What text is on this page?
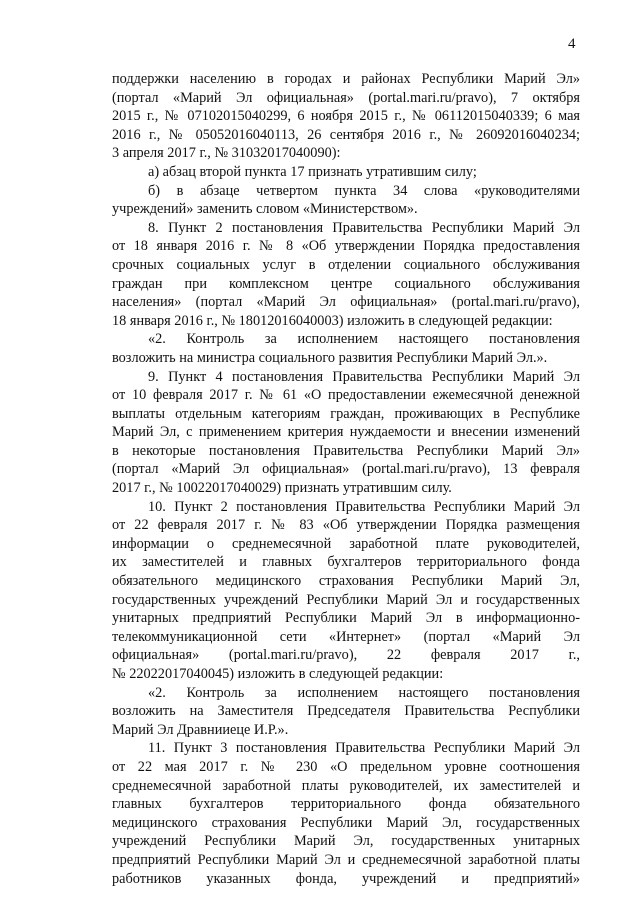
4
поддержки населению в городах и районах Республики Марий Эл»
(портал «Марий Эл официальная» (portal.mari.ru/pravo), 7 октября
2015 г., № 07102015040299, 6 ноября 2015 г., № 06112015040339; 6 мая
2016 г., № 05052016040113, 26 сентября 2016 г., № 26092016040234;
3 апреля 2017 г., № 31032017040090):
а) абзац второй пункта 17 признать утратившим силу;
б) в абзаце четвертом пункта 34 слова «руководителями
учреждений» заменить словом «Министерством».
8. Пункт 2 постановления Правительства Республики Марий Эл
от 18 января 2016 г. № 8 «Об утверждении Порядка предоставления
срочных социальных услуг в отделении социального обслуживания
граждан при комплексном центре социального обслуживания
населения» (портал «Марий Эл официальная» (portal.mari.ru/pravo),
18 января 2016 г., № 18012016040003) изложить в следующей редакции:
«2. Контроль за исполнением настоящего постановления
возложить на министра социального развития Республики Марий Эл.».
9. Пункт 4 постановления Правительства Республики Марий Эл
от 10 февраля 2017 г. № 61 «О предоставлении ежемесячной денежной
выплаты отдельным категориям граждан, проживающих в Республике
Марий Эл, с применением критерия нуждаемости и внесении изменений
в некоторые постановления Правительства Республики Марий Эл»
(портал «Марий Эл официальная» (portal.mari.ru/pravo), 13 февраля
2017 г., № 10022017040029) признать утратившим силу.
10. Пункт 2 постановления Правительства Республики Марий Эл
от 22 февраля 2017 г. № 83 «Об утверждении Порядка размещения
информации о среднемесячной заработной плате руководителей,
их заместителей и главных бухгалтеров территориального фонда
обязательного медицинского страхования Республики Марий Эл,
государственных учреждений Республики Марий Эл и государственных
унитарных предприятий Республики Марий Эл в информационно-
телекоммуникационной сети «Интернет» (портал «Марий Эл
официальная» (portal.mari.ru/pravo), 22 февраля 2017 г.,
№ 22022017040045) изложить в следующей редакции:
«2. Контроль за исполнением настоящего постановления
возложить на Заместителя Председателя Правительства Республики
Марий Эл Дравнииеце И.Р.».
11. Пункт 3 постановления Правительства Республики Марий Эл
от 22 мая 2017 г. № 230 «О предельном уровне соотношения
среднемесячной заработной платы руководителей, их заместителей и
главных бухгалтеров территориального фонда обязательного
медицинского страхования Республики Марий Эл, государственных
учреждений Республики Марий Эл, государственных унитарных
предприятий Республики Марий Эл и среднемесячной заработной платы
работников указанных фонда, учреждений и предприятий»
